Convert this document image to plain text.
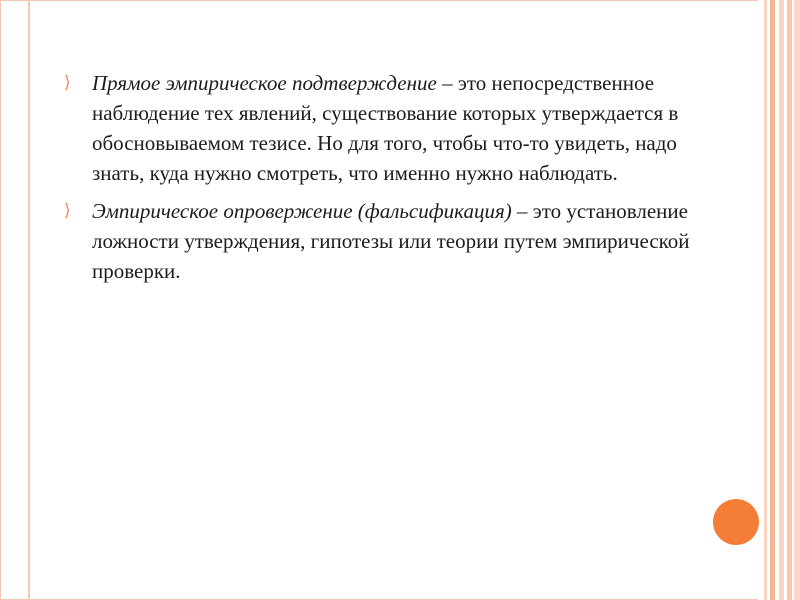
⟩ Прямое эмпирическое подтверждение – это непосредственное наблюдение тех явлений, существование которых утверждается в обосновываемом тезисе. Но для того, чтобы что-то увидеть, надо знать, куда нужно смотреть, что именно нужно наблюдать.
⟩ Эмпирическое опровержение (фальсификация) – это установление ложности утверждения, гипотезы или теории путем эмпирической проверки.
